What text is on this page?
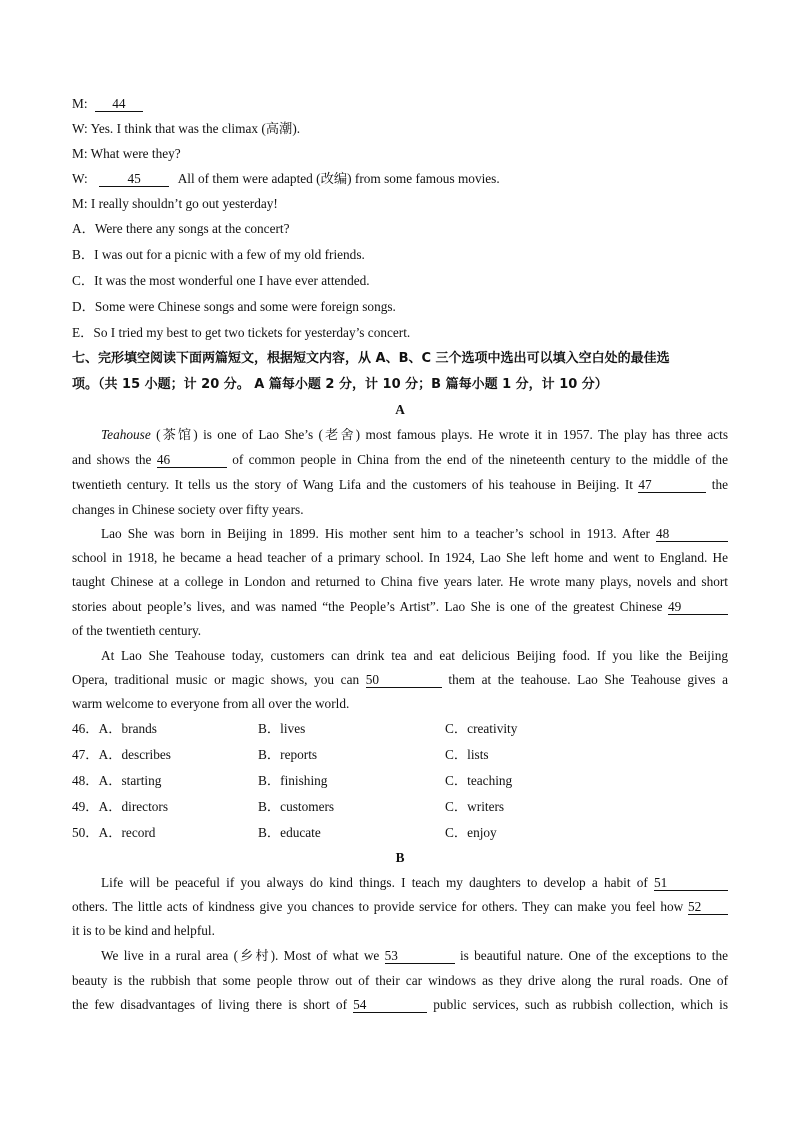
M: 44
W: Yes. I think that was the climax (高潮).
M: What were they?
W:	45	All of them were adapted (改编) from some famous movies.
M: I really shouldn’t go out yesterday!
A．Were there any songs at the concert?
B．I was out for a picnic with a few of my old friends.
C．It was the most wonderful one I have ever attended.
D．Some were Chinese songs and some were foreign songs.
E．So I tried my best to get two tickets for yesterday’s concert.
七、完形填空阅读下面两篇短文，根据短文内容，从 A、B、C 三个选项中选出可以填入空白处的最佳选
项。（共 15 小题；计 20 分。 A 篇每小题 2 分，计 10 分；B 篇每小题 1 分，计 10 分）
A
Teahouse (茶馆) is one of Lao She’s (老舍) most famous plays. He wrote it in 1957. The play has three acts
and shows the 46	of common people in China from the end of the nineteenth century to the middle of the
twentieth century. It tells us the story of Wang Lifa and the customers of his teahouse in Beijing. It 47	the
changes in Chinese society over fifty years.
Lao She was born in Beijing in 1899. His mother sent him to a teacher’s school in 1913. After 48
school in 1918, he became a head teacher of a primary school. In 1924, Lao She left home and went to England. He
taught Chinese at a college in London and returned to China five years later. He wrote many plays, novels and short
stories about people’s lives, and was named “the People’s Artist”. Lao She is one of the greatest Chinese 49
of the twentieth century.
At Lao She Teahouse today, customers can drink tea and eat delicious Beijing food. If you like the Beijing
Opera, traditional music or magic shows, you can 50	them at the teahouse. Lao She Teahouse gives a
warm welcome to everyone from all over the world.
46．A．brands	B．lives	C．creativity
47．A．describes	B．reports	C．lists
48．A．starting	B．finishing	C．teaching
49．A．directors	B．customers	C．writers
50．A．record	B．educate	C．enjoy
B
Life will be peaceful if you always do kind things. I teach my daughters to develop a habit of 51
others. The little acts of kindness give you chances to provide service for others. They can make you feel how 52
it is to be kind and helpful.
We live in a rural area (乡村). Most of what we 53	is beautiful nature. One of the exceptions to the
beauty is the rubbish that some people throw out of their car windows as they drive along the rural roads. One of
the few disadvantages of living there is short of 54	public services, such as rubbish collection, which is
